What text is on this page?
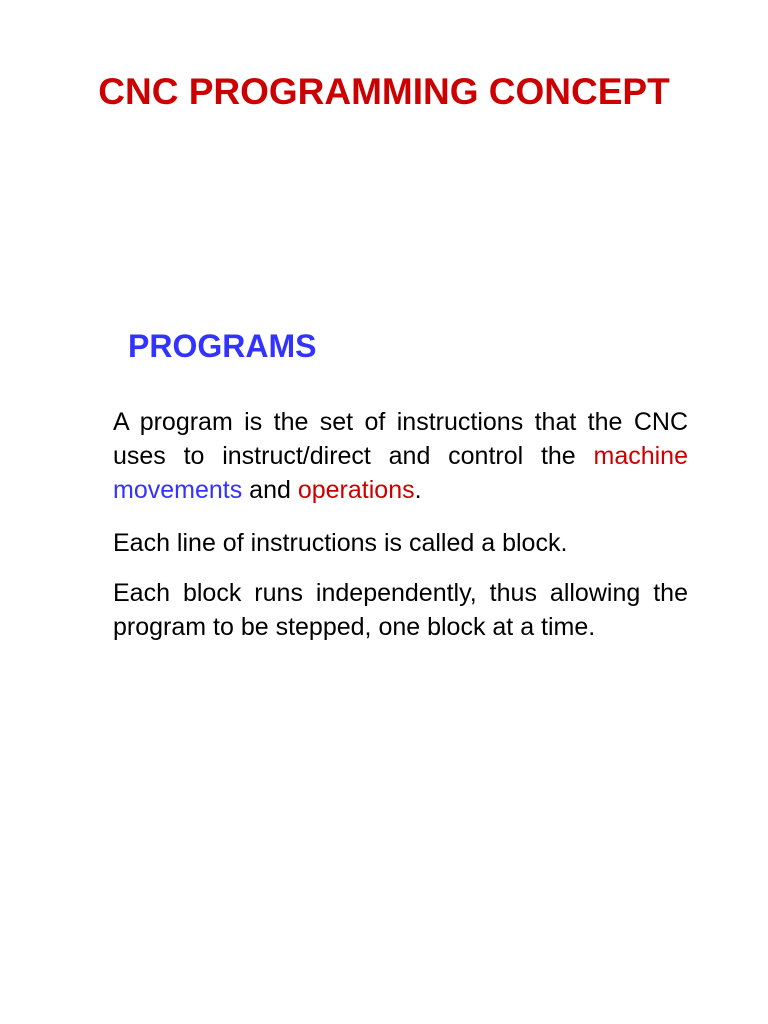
CNC PROGRAMMING CONCEPT
PROGRAMS

A program is the set of instructions that the CNC uses to instruct/direct and control the machine movements and operations.

Each line of instructions is called a block.

Each block runs independently, thus allowing the program to be stepped, one block at a time.
